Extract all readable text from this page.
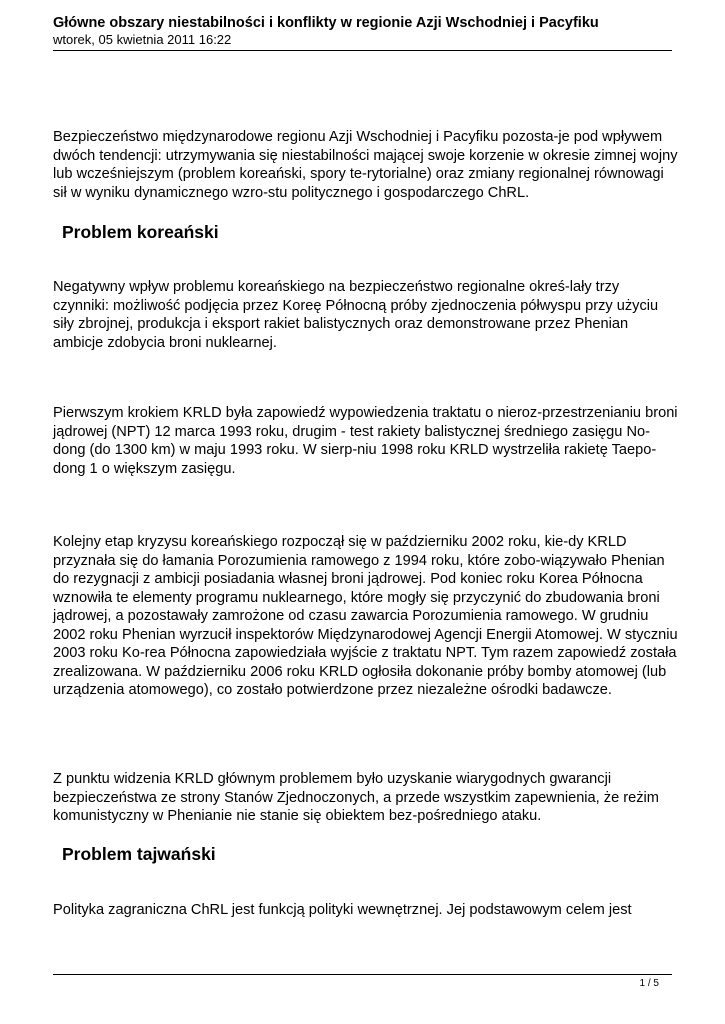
Główne obszary niestabilności i konflikty w regionie Azji Wschodniej i Pacyfiku
wtorek, 05 kwietnia 2011 16:22

Bezpieczeństwo międzynarodowe regionu Azji Wschodniej i Pacyfiku pozosta-je pod wpływem dwóch tendencji: utrzymywania się niestabilności mającej swoje korzenie w okresie zimnej wojny lub wcześniejszym (problem koreański, spory te-rytorialne) oraz zmiany regionalnej równowagi sił w wyniku dynamicznego wzro-stu politycznego i gospodarczego ChRL.

Problem koreański

Negatywny wpływ problemu koreańskiego na bezpieczeństwo regionalne okreś-lały trzy czynniki: możliwość podjęcia przez Koreę Północną próby zjednoczenia półwyspu przy użyciu siły zbrojnej, produkcja i eksport rakiet balistycznych oraz demonstrowane przez Phenian ambicje zdobycia broni nuklearnej.

Pierwszym krokiem KRLD była zapowiedź wypowiedzenia traktatu o nieroz-przestrzenianiu broni jądrowej (NPT) 12 marca 1993 roku, drugim - test rakiety balistycznej średniego zasięgu No-dong (do 1300 km) w maju 1993 roku. W sierp-niu 1998 roku KRLD wystrzeliła rakietę Taepo-dong 1 o większym zasięgu.

Kolejny etap kryzysu koreańskiego rozpoczął się w październiku 2002 roku, kie-dy KRLD przyznała się do łamania Porozumienia ramowego z 1994 roku, które zobo-wiązywało Phenian do rezygnacji z ambicji posiadania własnej broni jądrowej. Pod koniec roku Korea Północna wznowiła te elementy programu nuklearnego, które mogły się przyczynić do zbudowania broni jądrowej, a pozostawały zamrożone od czasu zawarcia Porozumienia ramowego. W grudniu 2002 roku Phenian wyrzucił inspektorów Międzynarodowej Agencji Energii Atomowej. W styczniu 2003 roku Ko-rea Północna zapowiedziała wyjście z traktatu NPT. Tym razem zapowiedź została zrealizowana. W październiku 2006 roku KRLD ogłosiła dokonanie próby bomby atomowej (lub urządzenia atomowego), co zostało potwierdzone przez niezależne ośrodki badawcze.

Z punktu widzenia KRLD głównym problemem było uzyskanie wiarygodnych gwarancji bezpieczeństwa ze strony Stanów Zjednoczonych, a przede wszystkim zapewnienia, że reżim komunistyczny w Phenianie nie stanie się obiektem bez-pośredniego ataku.

Problem tajwański

Polityka zagraniczna ChRL jest funkcją polityki wewnętrznej. Jej podstawowym celem jest

1 / 5
